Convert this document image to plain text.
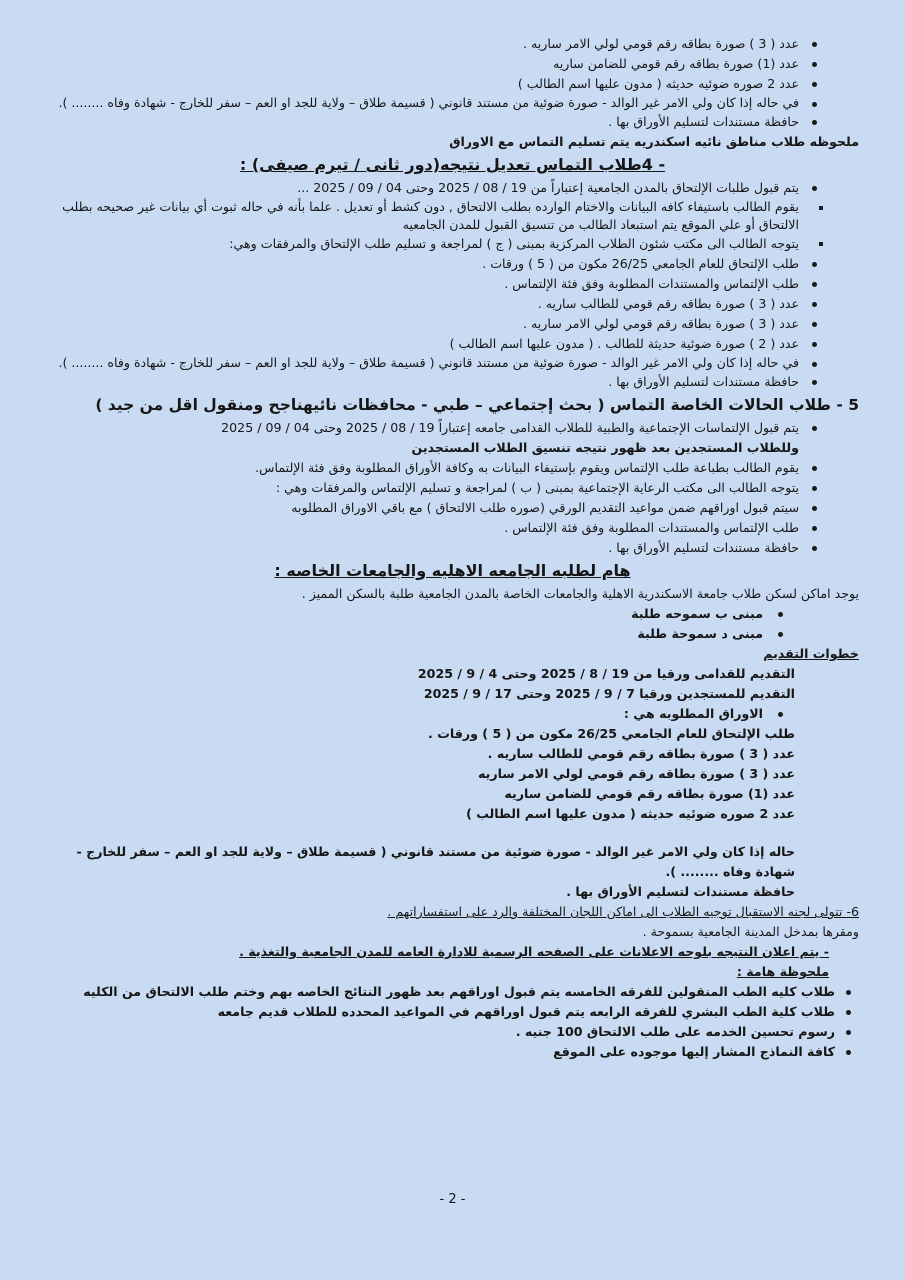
عدد ( 3 ) صورة بطاقه رقم قومي لولي الامر ساريه .
عدد (1) صورة بطاقه رقم قومي للضامن ساريه
عدد 2 صوره ضوئيه حديثه ( مدون عليها اسم الطالب )
في حاله إذا كان ولي الامر غير الوالد - صورة ضوئية من مستند قانوني ( قسيمة طلاق – ولاية للجد او العم – سفر للخارج - شهادة وفاه ........ ).
حافظة مستندات لتسليم الأوراق بها .
ملحوظه طلاب مناطق نائيه اسكندريه يتم تسليم التماس مع الاوراق
- 4طلاب التماس تعديل نتيجه(دور ثانى / تيرم صيفى) :
يتم قبول طلبات الإلتحاق بالمدن الجامعية إعتباراً من 19 / 08 / 2025 وحتى 04 / 09 / 2025 ...
يقوم الطالب باستيفاء كافه البيانات والاختام الوارده بطلب الالتحاق , دون كشط أو تعديل . علما بأنه في حاله ثبوت أي بيانات غير صحيحه بطلب الالتحاق أو علي الموقع يتم استبعاد الطالب من تنسيق القبول للمدن الجامعيه
يتوجه الطالب الى مكتب شئون الطلاب المركزية بمبنى ( ج ) لمراجعة و تسليم طلب الإلتحاق والمرفقات وهي:
طلب الإلتحاق للعام الجامعي 26/25 مكون من ( 5 ) ورقات .
طلب الإلتماس والمستندات المطلوبة وفق فئة الإلتماس .
عدد ( 3 ) صورة بطاقه رقم قومي للطالب ساريه .
عدد ( 3 ) صورة بطاقه رقم قومي لولي الامر ساريه .
عدد ( 2 ) صورة ضوئية حديثة للطالب . ( مدون عليها اسم الطالب )
في حاله إذا كان ولي الامر غير الوالد - صورة ضوئية من مستند قانوني ( قسيمة طلاق – ولاية للجد او العم – سفر للخارج - شهادة وفاه ........ ).
حافظة مستندات لتسليم الأوراق بها .
5 - طلاب الحالات الخاصة التماس ( بحث إجتماعي – طبي - محافظات نائيهناجح ومنقول اقل من جيد )
يتم قبول الإلتماسات الإجتماعية والطبية للطلاب القدامى جامعه إعتباراً 19 / 08 / 2025 وحتى 04 / 09 / 2025
وللطلاب المستجدين بعد ظهور نتيجه تنسيق الطلاب المستجدين
يقوم الطالب بطباعة طلب الإلتماس ويقوم بإستيفاء البيانات به وكافة الأوراق المطلوبة وفق فئة الإلتماس.
يتوجه الطالب الى مكتب الرعاية الإجتماعية بمبنى ( ب ) لمراجعة و تسليم الإلتماس والمرفقات وهي :
سيتم قبول اوراقهم ضمن مواعيد التقديم الورقي (صوره طلب الالتحاق ) مع باقي الاوراق المطلوبه
طلب الإلتماس والمستندات المطلوبة وفق فئة الإلتماس .
حافظة مستندات لتسليم الأوراق بها .
هام لطلبه الجامعه الاهليه والجامعات الخاصه :

يوجد اماكن لسكن طلاب جامعة الاسكندرية الاهلية والجامعات الخاصة بالمدن الجامعية طلبة بالسكن المميز .

مبنى ب سموحه طلبة
مبنى د سموحة طلبة

خطوات التقديم

التقديم للقدامى ورقيا من 19 / 8 / 2025 وحتى 4 / 9 / 2025

التقديم للمستجدين ورقيا 7 / 9 / 2025 وحتى 17 / 9 / 2025

الاوراق المطلوبه هي :

طلب الإلتحاق للعام الجامعي 26/25 مكون من ( 5 ) ورقات .

عدد ( 3 ) صورة بطاقه رقم قومي للطالب ساريه .

عدد ( 3 ) صورة بطاقه رقم قومي لولي الامر ساريه

عدد (1) صورة بطاقه رقم قومي للضامن ساريه

عدد 2 صوره ضوئيه حديثه ( مدون عليها اسم الطالب )

حاله إذا كان ولي الامر غير الوالد - صورة ضوئية من مستند قانوني ( قسيمة طلاق – ولاية للجد او العم – سفر للخارج - شهادة وفاه ........ ).

حافظة مستندات لتسليم الأوراق بها .

6- تتولى لجنه الاستقبال توجيه الطلاب الى اماكن اللجان المختلفة والرد على استفساراتهم .
ومقرها بمدخل المدينة الجامعية بسموحة .
- يتم اعلان النتيجه بلوحه الاعلانات على الصفحه الرسمية للادارة العامه للمدن الجامعية والتغذية .
ملحوظة هامة :
طلاب كليه الطب المنقولين للفرقه الخامسه يتم قبول اوراقهم بعد ظهور النتائج الخاصه بهم وختم طلب الالتحاق من الكليه
طلاب كلية الطب البشري للفرقه الرابعه يتم قبول اوراقهم في المواعيد المحدده للطلاب قديم جامعه
رسوم تحسين الخدمه على طلب الالتحاق 100 جنيه .
كافة النماذج المشار إليها موجوده على الموقع
- 2 -
